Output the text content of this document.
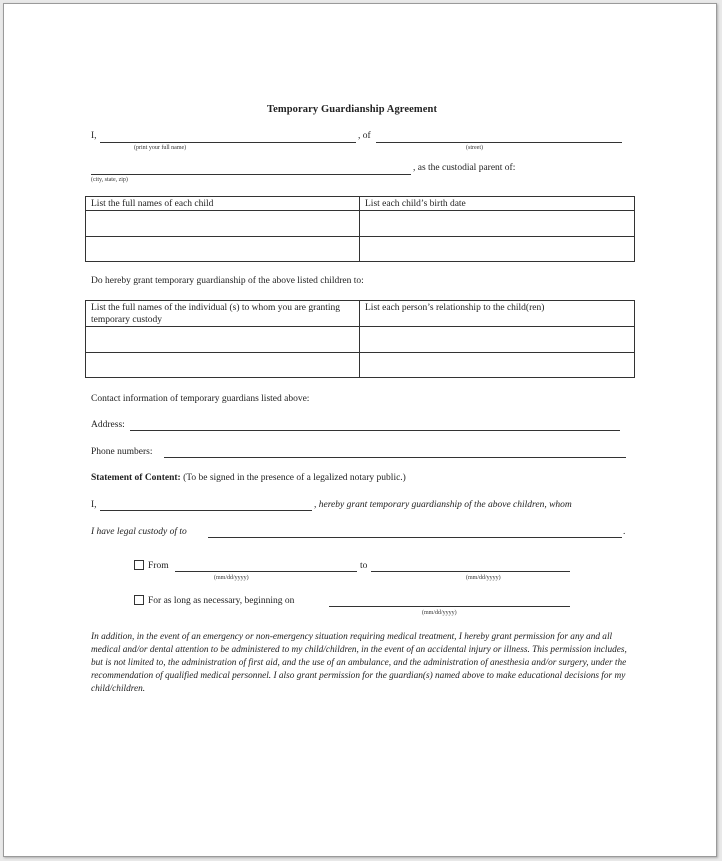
Temporary Guardianship Agreement
I,	, of
(print your full name)	(street)
, as the custodial parent of:
(city, state, zip)
List the full names of each child	List each child’s birth date

Do hereby grant temporary guardianship of the above listed children to:
List the full names of the individual (s) to whom you are granting temporary custody	List each person’s relationship to the child(ren)

Contact information of temporary guardians listed above:
Address:
Phone numbers:
Statement of Content: (To be signed in the presence of a legalized notary public.)
I,	, hereby grant temporary guardianship of the above children, whom
I have legal custody of to	.
From	to
(mm/dd/yyyy)	(mm/dd/yyyy)
For as long as necessary, beginning on
(mm/dd/yyyy)
In addition, in the event of an emergency or non-emergency situation requiring medical treatment, I hereby grant permission for any and all medical and/or dental attention to be administered to my child/children, in the event of an accidental injury or illness. This permission includes, but is not limited to, the administration of first aid, and the use of an ambulance, and the administration of anesthesia and/or surgery, under the recommendation of qualified medical personnel. I also grant permission for the guardian(s) named above to make educational decisions for my child/children.
